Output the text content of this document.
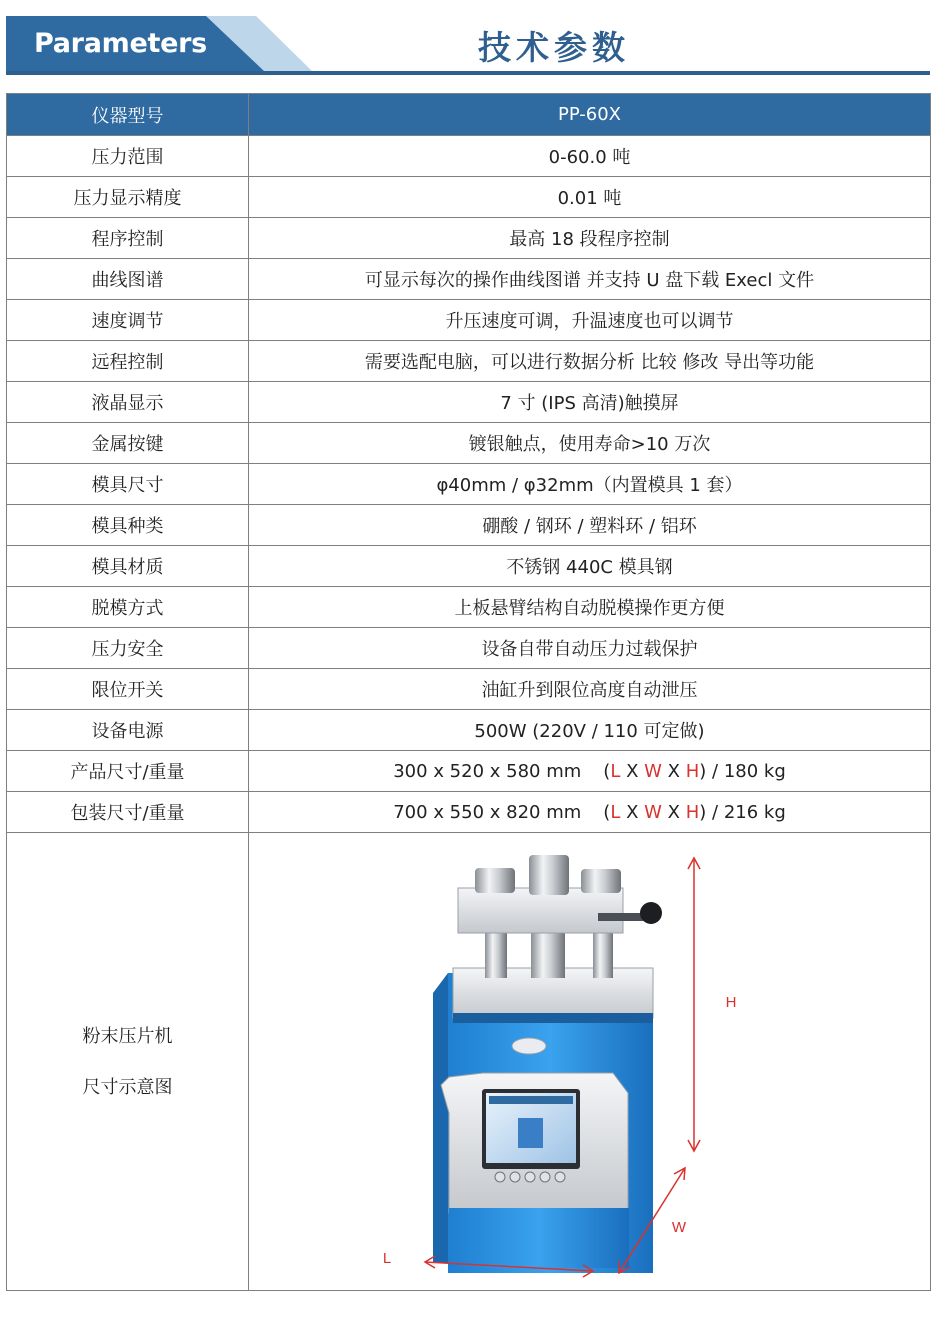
Parameters	技术参数
仪器型号	PP-60X
压力范围	0-60.0 吨
压力显示精度	0.01 吨
程序控制	最高 18 段程序控制
曲线图谱	可显示每次的操作曲线图谱 并支持 U 盘下载 Execl 文件
速度调节	升压速度可调，升温速度也可以调节
远程控制	需要选配电脑，可以进行数据分析 比较 修改 导出等功能
液晶显示	7 寸 (IPS 高清)触摸屏
金属按键	镀银触点，使用寿命>10 万次
模具尺寸	φ40mm / φ32mm（内置模具 1 套）
模具种类	硼酸 / 钢环 / 塑料环 / 铝环
模具材质	不锈钢 440C 模具钢
脱模方式	上板悬臂结构自动脱模操作更方便
压力安全	设备自带自动压力过载保护
限位开关	油缸升到限位高度自动泄压
设备电源	500W (220V / 110 可定做)
产品尺寸/重量	300 x 520 x 580 mm (L X W X H) / 180 kg
包装尺寸/重量	700 x 550 x 820 mm (L X W X H) / 216 kg

粉末压片机
尺寸示意图	H
W
L
